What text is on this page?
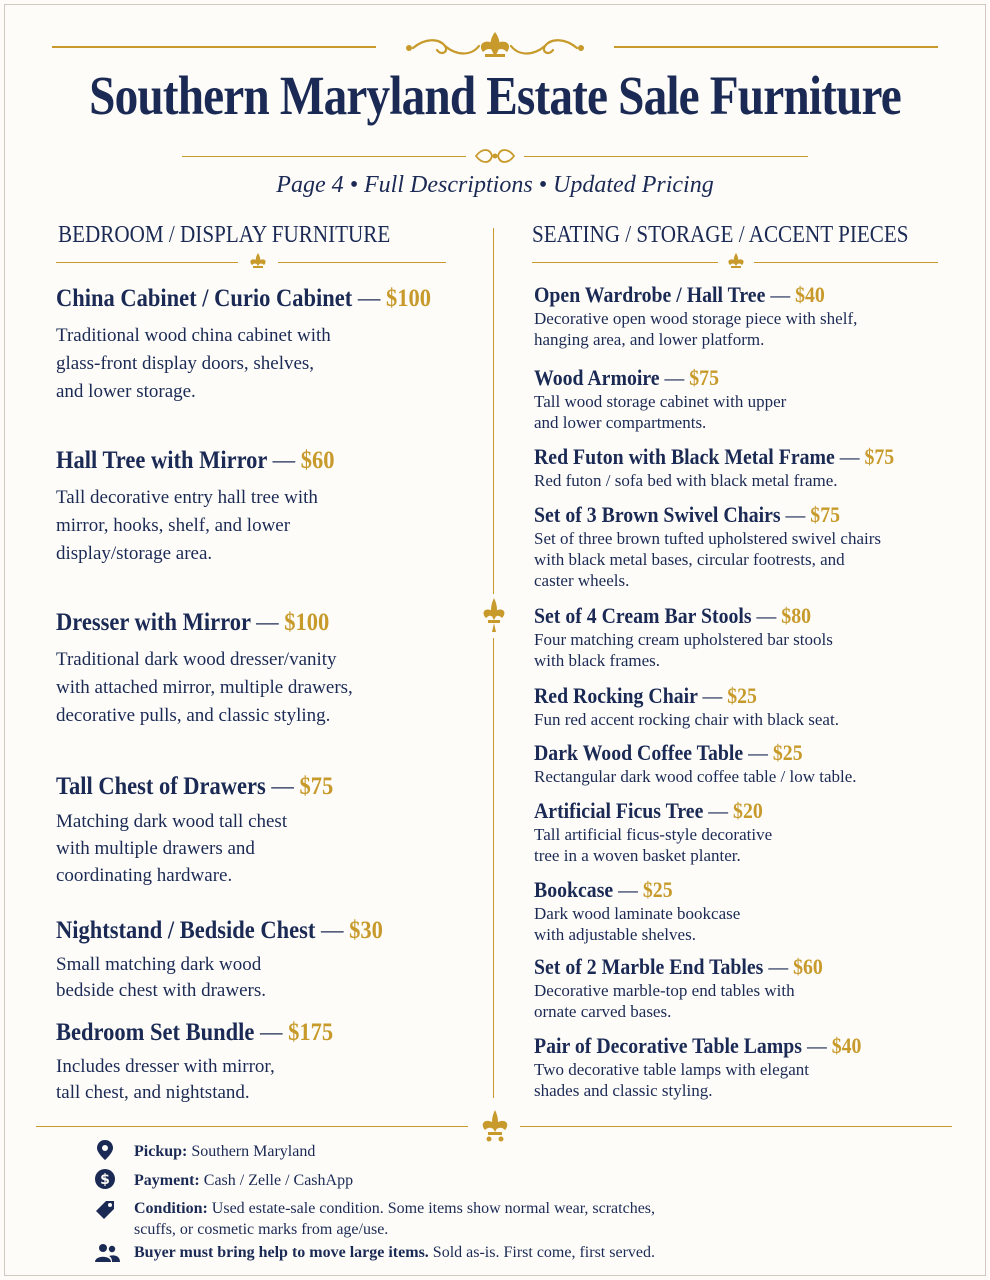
Southern Maryland Estate Sale Furniture
Page 4 • Full Descriptions • Updated Pricing
BEDROOM / DISPLAY FURNITURE	SEATING / STORAGE / ACCENT PIECES
China Cabinet / Curio Cabinet — $100
Traditional wood china cabinet with
glass-front display doors, shelves,
and lower storage.
Hall Tree with Mirror — $60
Tall decorative entry hall tree with
mirror, hooks, shelf, and lower
display/storage area.
Dresser with Mirror — $100
Traditional dark wood dresser/vanity
with attached mirror, multiple drawers,
decorative pulls, and classic styling.
Tall Chest of Drawers — $75
Matching dark wood tall chest
with multiple drawers and
coordinating hardware.
Nightstand / Bedside Chest — $30
Small matching dark wood
bedside chest with drawers.
Bedroom Set Bundle — $175
Includes dresser with mirror,
tall chest, and nightstand.
Open Wardrobe / Hall Tree — $40
Decorative open wood storage piece with shelf,
hanging area, and lower platform.
Wood Armoire — $75
Tall wood storage cabinet with upper
and lower compartments.
Red Futon with Black Metal Frame — $75
Red futon / sofa bed with black metal frame.
Set of 3 Brown Swivel Chairs — $75
Set of three brown tufted upholstered swivel chairs
with black metal bases, circular footrests, and
caster wheels.
Set of 4 Cream Bar Stools — $80
Four matching cream upholstered bar stools
with black frames.
Red Rocking Chair — $25
Fun red accent rocking chair with black seat.
Dark Wood Coffee Table — $25
Rectangular dark wood coffee table / low table.
Artificial Ficus Tree — $20
Tall artificial ficus-style decorative
tree in a woven basket planter.
Bookcase — $25
Dark wood laminate bookcase
with adjustable shelves.
Set of 2 Marble End Tables — $60
Decorative marble-top end tables with
ornate carved bases.
Pair of Decorative Table Lamps — $40
Two decorative table lamps with elegant
shades and classic styling.
Pickup: Southern Maryland
$ Payment: Cash / Zelle / CashApp
Condition: Used estate-sale condition. Some items show normal wear, scratches,
scuffs, or cosmetic marks from age/use.
Buyer must bring help to move large items. Sold as-is. First come, first served.
